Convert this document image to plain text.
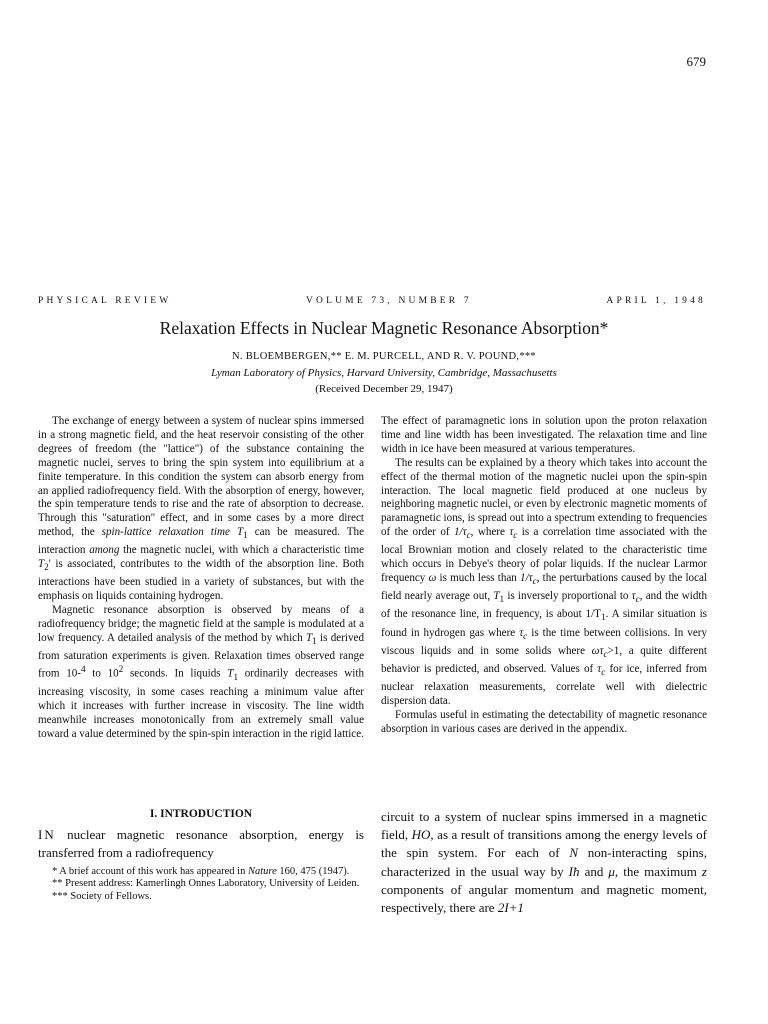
679
PHYSICAL REVIEW	VOLUME 73, NUMBER 7	APRIL 1, 1948
Relaxation Effects in Nuclear Magnetic Resonance Absorption*
N. BLOEMBERGEN,** E. M. PURCELL, AND R. V. POUND,***
Lyman Laboratory of Physics, Harvard University, Cambridge, Massachusetts
(Received December 29, 1947)

The exchange of energy between a system of nuclear spins immersed in a strong magnetic field, and the heat reservoir consisting of the other degrees of freedom (the "lattice") of the substance containing the magnetic nuclei, serves to bring the spin system into equilibrium at a finite temperature. In this condition the system can absorb energy from an applied radiofrequency field. With the absorption of energy, however, the spin temperature tends to rise and the rate of absorption to decrease. Through this "saturation" effect, and in some cases by a more direct method, the spin-lattice relaxation time $T_1$ can be measured. The interaction among the magnetic nuclei, with which a characteristic time $T_2'$ is associated, contributes to the width of the absorption line. Both interactions have been studied in a variety of substances, but with the emphasis on liquids containing hydrogen.

Magnetic resonance absorption is observed by means of a radiofrequency bridge; the magnetic field at the sample is modulated at a low frequency. A detailed analysis of the method by which $T_1$ is derived from saturation experiments is given. Relaxation times observed range from 10-$^4$ to $10^2$ seconds. In liquids $T_1$ ordinarily decreases with increasing viscosity, in some cases reaching a minimum value after which it increases with further increase in viscosity. The line width meanwhile increases monotonically from an extremely small value toward a value determined by the spin-spin interaction in the rigid lattice.

The effect of paramagnetic ions in solution upon the proton relaxation time and line width has been investigated. The relaxation time and line width in ice have been measured at various temperatures.

The results can be explained by a theory which takes into account the effect of the thermal motion of the magnetic nuclei upon the spin-spin interaction. The local magnetic field produced at one nucleus by neighboring magnetic nuclei, or even by electronic magnetic moments of paramagnetic ions, is spread out into a spectrum extending to frequencies of the order of $1/\tau_c$, where $\tau_c$ is a correlation time associated with the local Brownian motion and closely related to the characteristic time which occurs in Debye's theory of polar liquids. If the nuclear Larmor frequency ω is much less than $1/\tau_c$, the perturbations caused by the local field nearly average out, $T_1$ is inversely proportional to $\tau_c$, and the width of the resonance line, in frequency, is about $1/T_1$. A similar situation is found in hydrogen gas where $\tau_c$ is the time between collisions. In very viscous liquids and in some solids where $\omega\tau_c>1$, a quite different behavior is predicted, and observed. Values of $\tau_c$ for ice, inferred from nuclear relaxation measurements, correlate well with dielectric dispersion data.

Formulas useful in estimating the detectability of magnetic resonance absorption in various cases are derived in the appendix.

I. INTRODUCTION

IN nuclear magnetic resonance absorption, energy is transferred from a radiofrequency

* A brief account of this work has appeared in Nature 160, 475 (1947).
** Present address: Kamerlingh Onnes Laboratory, University of Leiden.
*** Society of Fellows.

circuit to a system of nuclear spins immersed in a magnetic field, HO, as a result of transitions among the energy levels of the spin system. For each of N non-interacting spins, characterized in the usual way by Iħ and μ, the maximum z components of angular momentum and magnetic moment, respectively, there are 2I+1
